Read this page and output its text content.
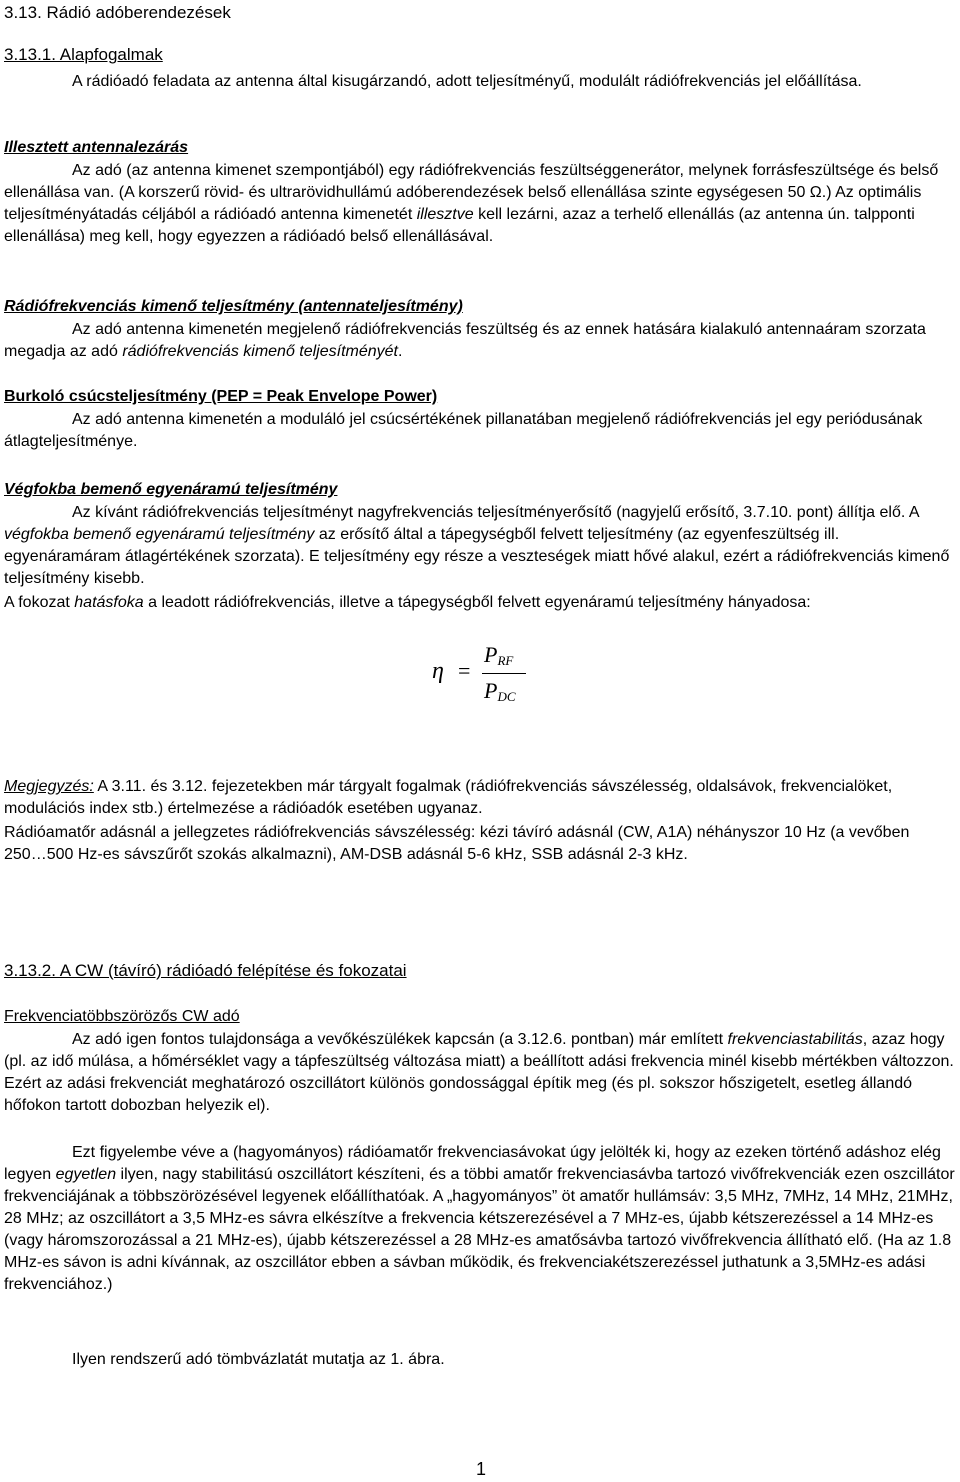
3.13. Rádió adóberendezések

3.13.1. Alapfogalmak

A rádióadó feladata az antenna által kisugárzandó, adott teljesítményű, modulált rádiófrekvenciás jel előállítása.

Illesztett antennalezárás

Az adó (az antenna kimenet szempontjából) egy rádiófrekvenciás feszültséggenerátor, melynek forrásfeszültsége és belső ellenállása van. (A korszerű rövid- és ultrarövidhullámú adóberendezések belső ellenállása szinte egységesen 50 Ω.) Az optimális teljesítményátadás céljából a rádióadó antenna kimenetét illesztve kell lezárni, azaz a terhelő ellenállás (az antenna ún. talpponti ellenállása) meg kell, hogy egyezzen a rádióadó belső ellenállásával.

Rádiófrekvenciás kimenő teljesítmény (antennateljesítmény)

Az adó antenna kimenetén megjelenő rádiófrekvenciás feszültség és az ennek hatására kialakuló antennaáram szorzata megadja az adó rádiófrekvenciás kimenő teljesítményét.

Burkoló csúcsteljesítmény (PEP = Peak Envelope Power)

Az adó antenna kimenetén a moduláló jel csúcsértékének pillanatában megjelenő rádiófrekvenciás jel egy periódusának átlagteljesítménye.

Végfokba bemenő egyenáramú teljesítmény

Az kívánt rádiófrekvenciás teljesítményt nagyfrekvenciás teljesítményerősítő (nagyjelű erősítő, 3.7.10. pont) állítja elő. A végfokba bemenő egyenáramú teljesítmény az erősítő által a tápegységből felvett teljesítmény (az egyenfeszültség ill. egyenáramáram átlagértékének szorzata). E teljesítmény egy része a veszteségek miatt hővé alakul, ezért a rádiófrekvenciás kimenő teljesítmény kisebb.

A fokozat hatásfoka a leadott rádiófrekvenciás, illetve a tápegységből felvett egyenáramú teljesítmény hányadosa:

η =
$P_{RF}$
$P_{DC}$

Megjegyzés: A 3.11. és 3.12. fejezetekben már tárgyalt fogalmak (rádiófrekvenciás sávszélesség, oldalsávok, frekvencialöket, modulációs index stb.) értelmezése a rádióadók esetében ugyanaz.

Rádióamatőr adásnál a jellegzetes rádiófrekvenciás sávszélesség: kézi távíró adásnál (CW, A1A) néhányszor 10 Hz (a vevőben 250…500 Hz-es sávszűrőt szokás alkalmazni), AM-DSB adásnál 5-6 kHz, SSB adásnál 2-3 kHz.

3.13.2. A CW (távíró) rádióadó felépítése és fokozatai

Frekvenciatöbbszörözős CW adó

Az adó igen fontos tulajdonsága a vevőkészülékek kapcsán (a 3.12.6. pontban) már említett frekvenciastabilitás, azaz hogy (pl. az idő múlása, a hőmérséklet vagy a tápfeszültség változása miatt) a beállított adási frekvencia minél kisebb mértékben változzon. Ezért az adási frekvenciát meghatározó oszcillátort különös gondossággal építik meg (és pl. sokszor hőszigetelt, esetleg állandó hőfokon tartott dobozban helyezik el).

Ezt figyelembe véve a (hagyományos) rádióamatőr frekvenciasávokat úgy jelölték ki, hogy az ezeken történő adáshoz elég legyen egyetlen ilyen, nagy stabilitású oszcillátort készíteni, és a többi amatőr frekvenciasávba tartozó vivőfrekvenciák ezen oszcillátor frekvenciájának a többszörözésével legyenek előállíthatóak. A „hagyományos” öt amatőr hullámsáv: 3,5 MHz, 7MHz, 14 MHz, 21MHz, 28 MHz; az oszcillátort a 3,5 MHz-es sávra elkészítve a frekvencia kétszerezésével a 7 MHz-es, újabb kétszerezéssel a 14 MHz-es (vagy háromszorozással a 21 MHz-es), újabb kétszerezéssel a 28 MHz-es amatősávba tartozó vivőfrekvencia állítható elő. (Ha az 1.8 MHz-es sávon is adni kívánnak, az oszcillátor ebben a sávban működik, és frekvenciakétszerezéssel juthatunk a 3,5MHz-es adási frekvenciához.)

Ilyen rendszerű adó tömbvázlatát mutatja az 1. ábra.

1
